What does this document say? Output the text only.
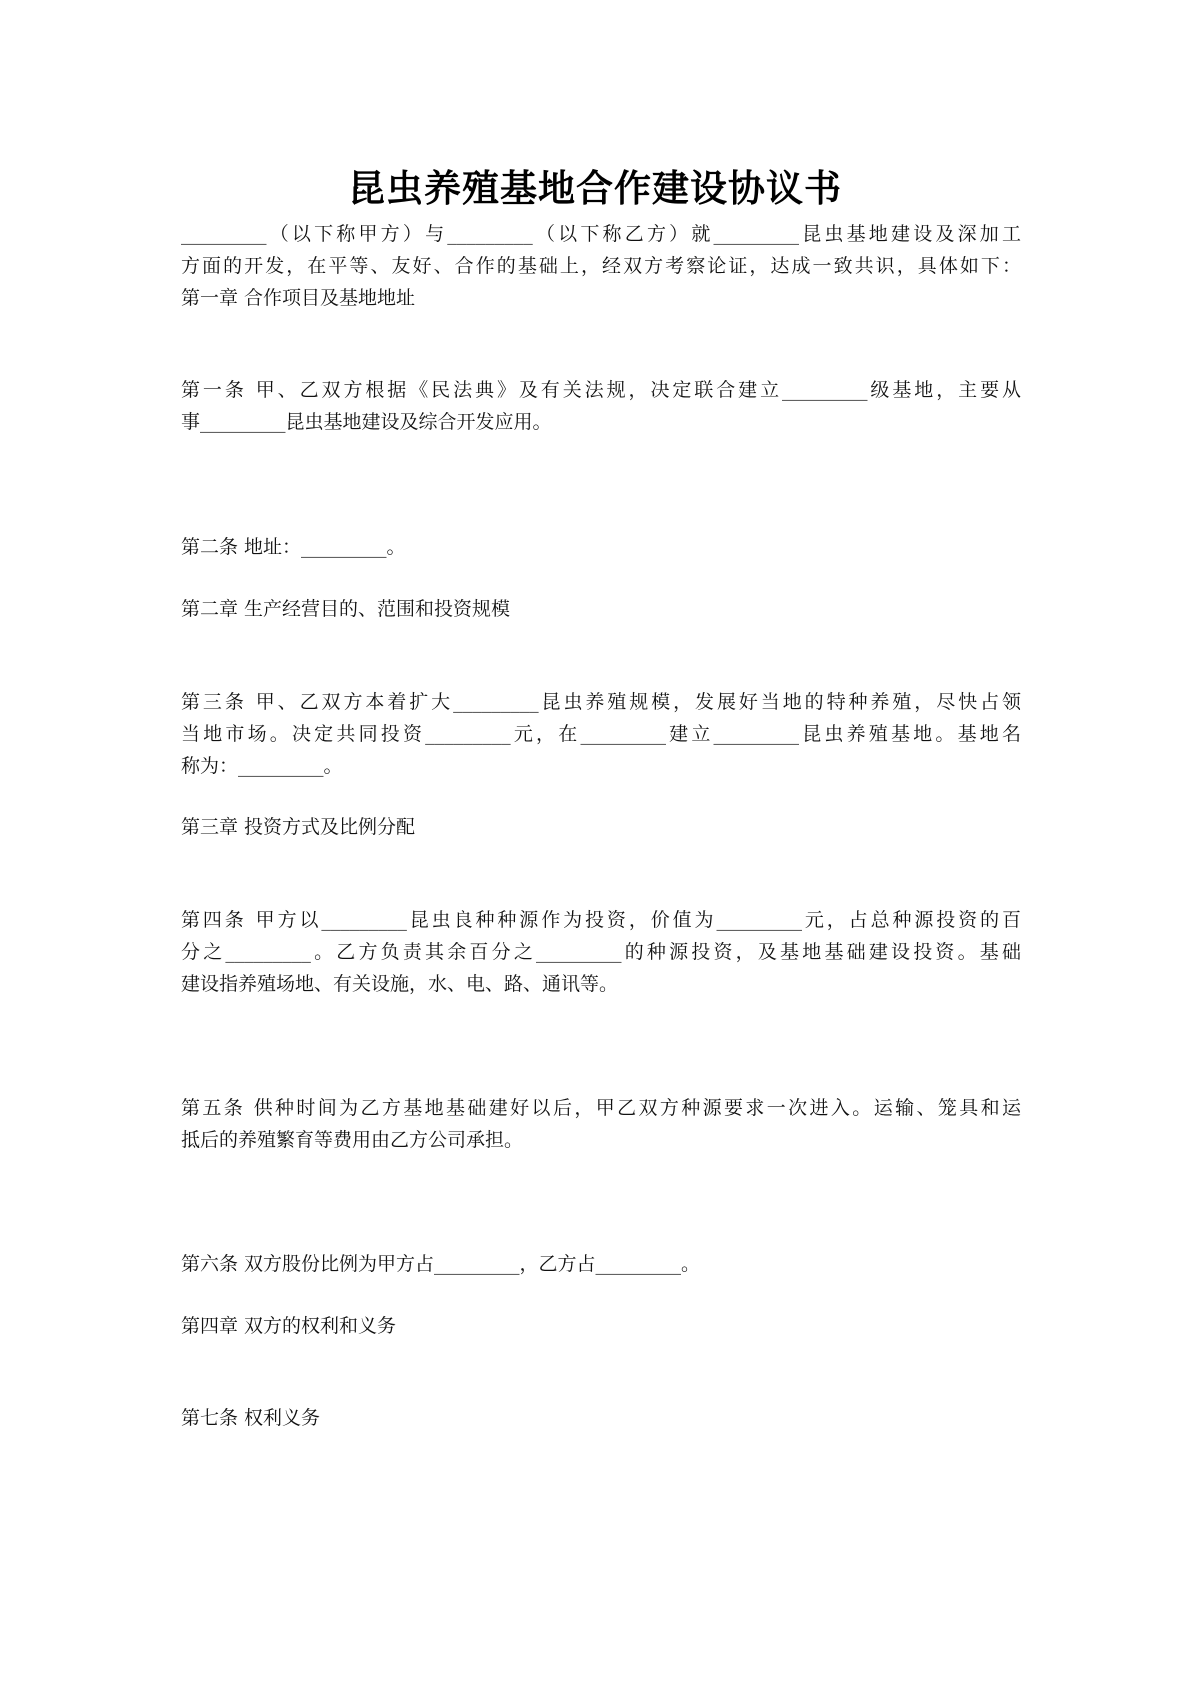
昆虫养殖基地合作建设协议书
_________（以下称甲方）与_________（以下称乙方）就_________昆虫基地建设及深加工
方面的开发，在平等、友好、合作的基础上，经双方考察论证，达成一致共识，具体如下：
第一章 合作项目及基地地址
第一条 甲、乙双方根据《民法典》及有关法规，决定联合建立_________级基地，主要从
事_________昆虫基地建设及综合开发应用。
第二条 地址：_________。
第二章 生产经营目的、范围和投资规模
第三条 甲、乙双方本着扩大_________昆虫养殖规模，发展好当地的特种养殖，尽快占领
当地市场。决定共同投资_________元，在_________建立_________昆虫养殖基地。基地名
称为：_________。
第三章 投资方式及比例分配
第四条 甲方以_________昆虫良种种源作为投资，价值为_________元，占总种源投资的百
分之_________。乙方负责其余百分之_________的种源投资，及基地基础建设投资。基础
建设指养殖场地、有关设施，水、电、路、通讯等。
第五条 供种时间为乙方基地基础建好以后，甲乙双方种源要求一次进入。运输、笼具和运
抵后的养殖繁育等费用由乙方公司承担。
第六条 双方股份比例为甲方占_________，乙方占_________。
第四章 双方的权利和义务
第七条 权利义务
